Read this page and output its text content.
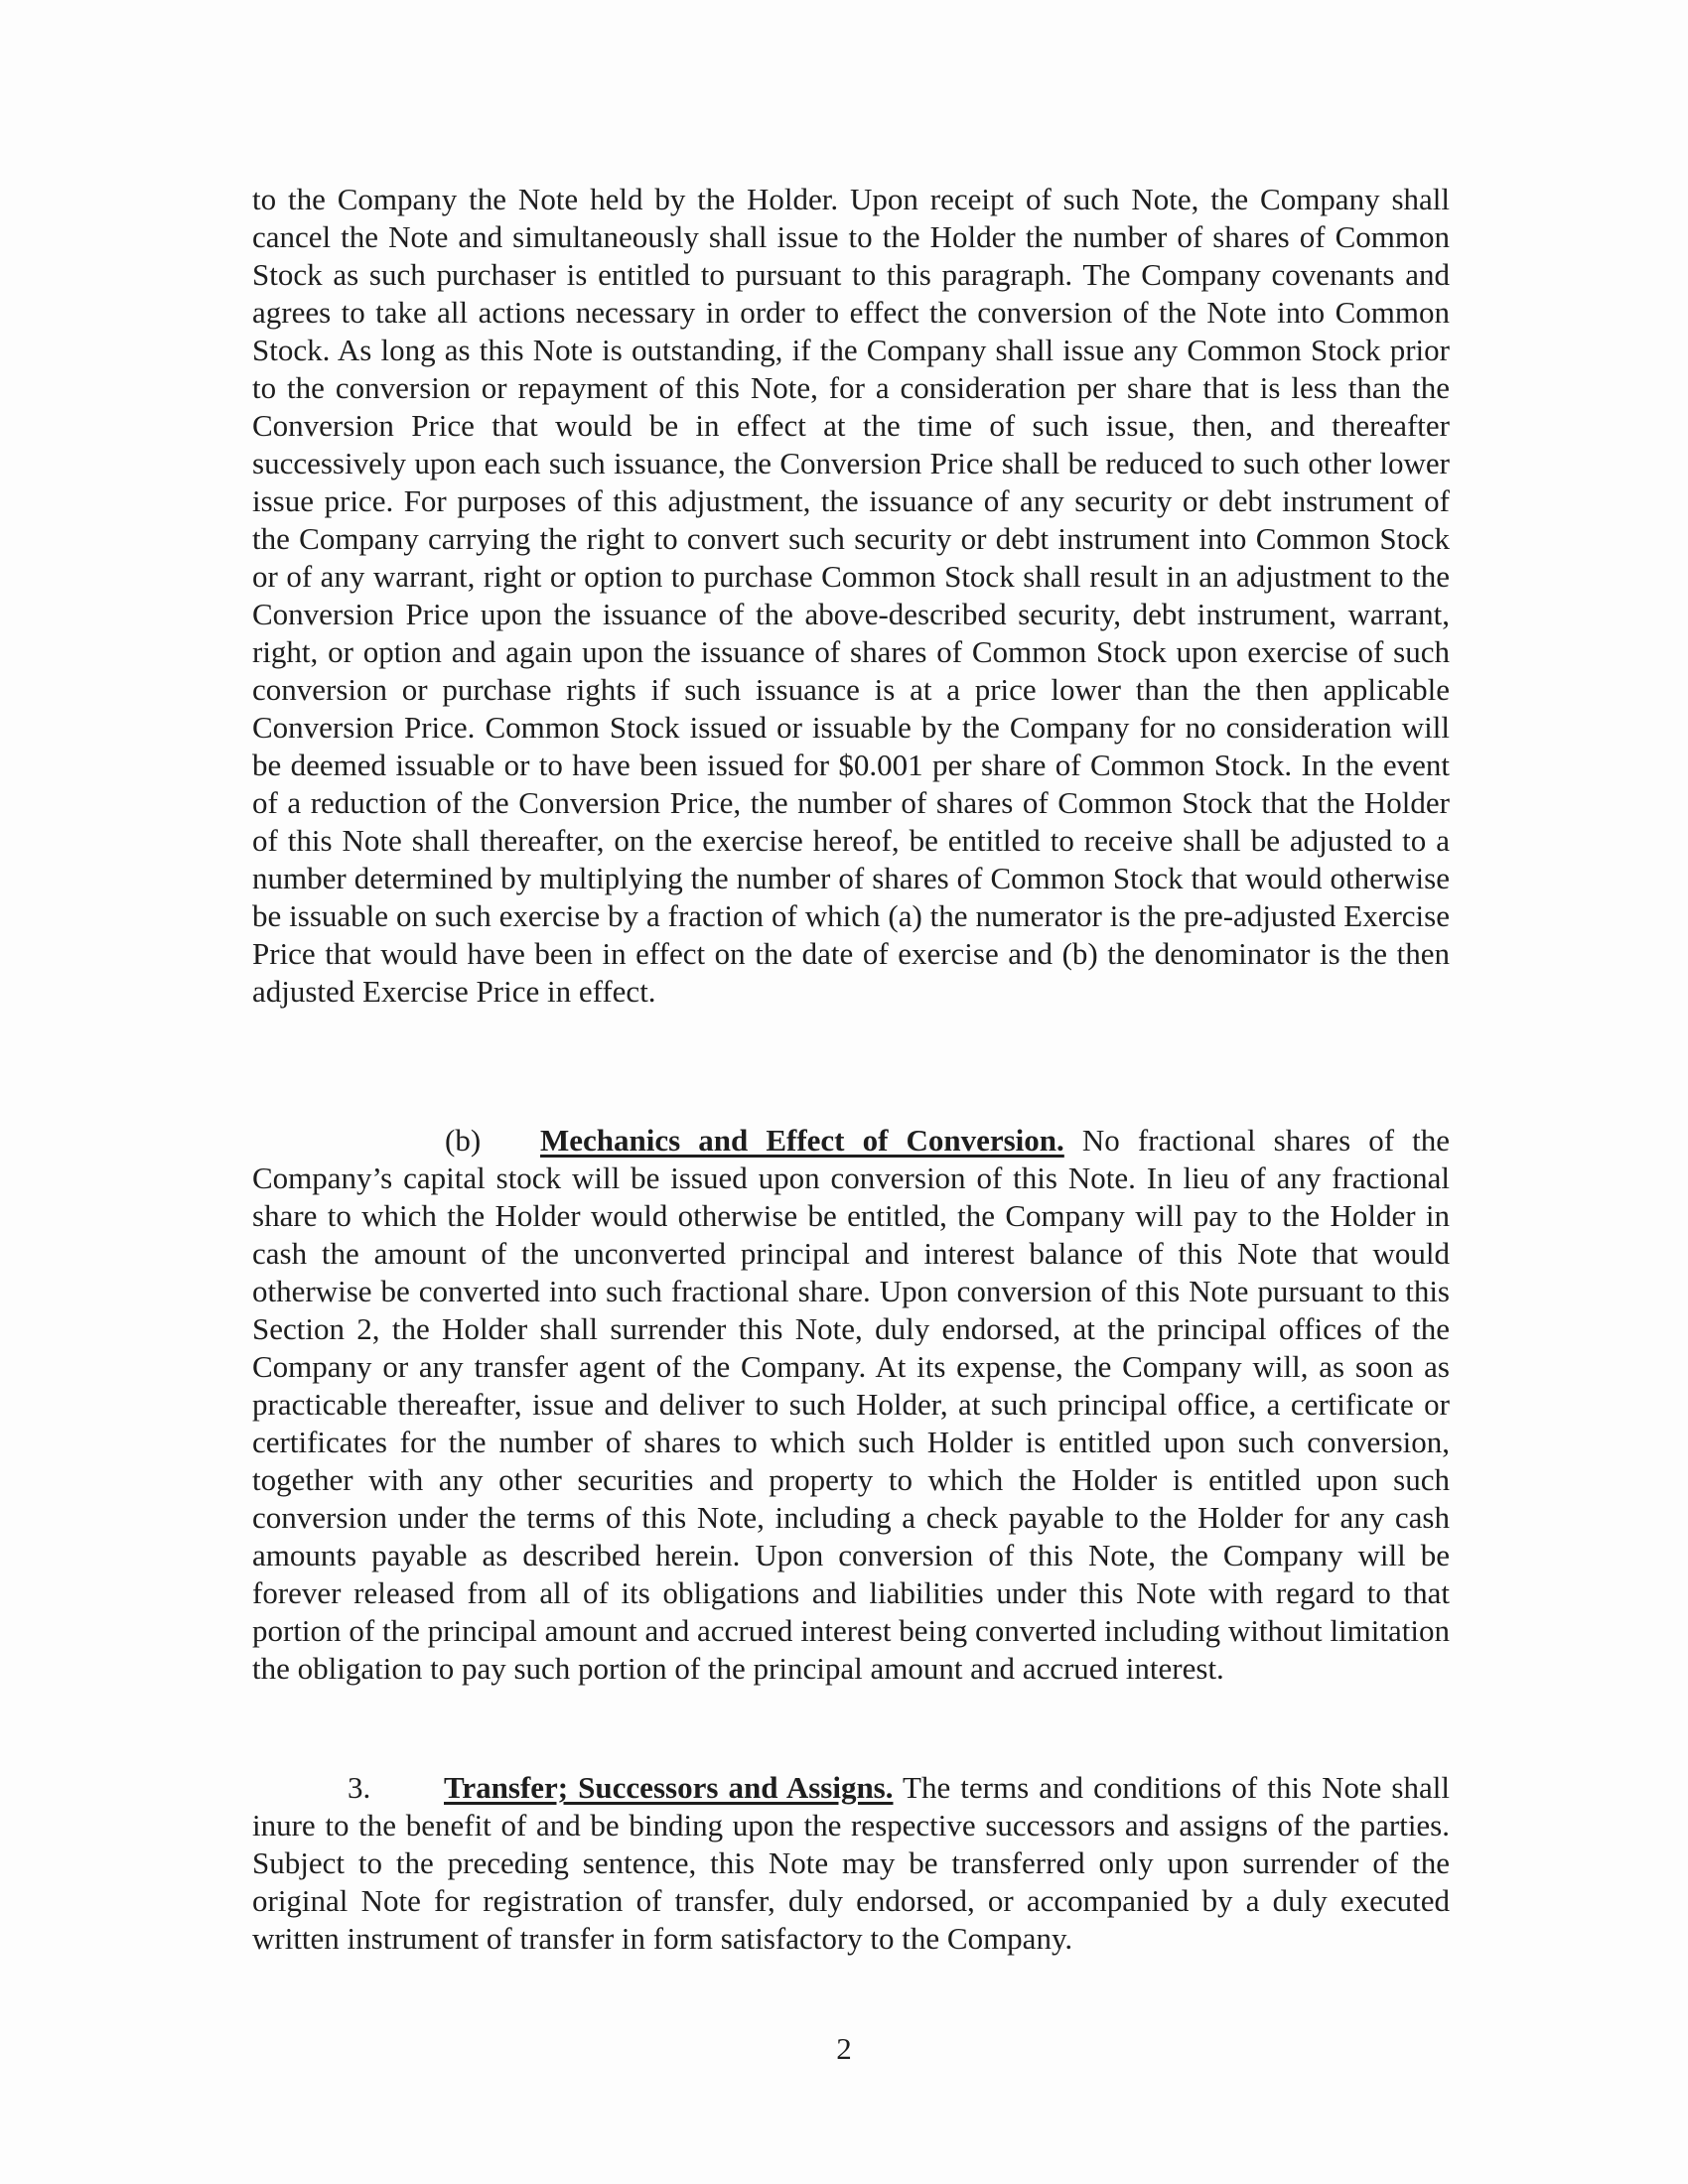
to the Company the Note held by the Holder. Upon receipt of such Note, the Company shall cancel the Note and simultaneously shall issue to the Holder the number of shares of Common Stock as such purchaser is entitled to pursuant to this paragraph. The Company covenants and agrees to take all actions necessary in order to effect the conversion of the Note into Common Stock. As long as this Note is outstanding, if the Company shall issue any Common Stock prior to the conversion or repayment of this Note, for a consideration per share that is less than the Conversion Price that would be in effect at the time of such issue, then, and thereafter successively upon each such issuance, the Conversion Price shall be reduced to such other lower issue price. For purposes of this adjustment, the issuance of any security or debt instrument of the Company carrying the right to convert such security or debt instrument into Common Stock or of any warrant, right or option to purchase Common Stock shall result in an adjustment to the Conversion Price upon the issuance of the above-described security, debt instrument, warrant, right, or option and again upon the issuance of shares of Common Stock upon exercise of such conversion or purchase rights if such issuance is at a price lower than the then applicable Conversion Price. Common Stock issued or issuable by the Company for no consideration will be deemed issuable or to have been issued for $0.001 per share of Common Stock. In the event of a reduction of the Conversion Price, the number of shares of Common Stock that the Holder of this Note shall thereafter, on the exercise hereof, be entitled to receive shall be adjusted to a number determined by multiplying the number of shares of Common Stock that would otherwise be issuable on such exercise by a fraction of which (a) the numerator is the pre-adjusted Exercise Price that would have been in effect on the date of exercise and (b) the denominator is the then adjusted Exercise Price in effect.

(b) Mechanics and Effect of Conversion. No fractional shares of the Company’s capital stock will be issued upon conversion of this Note. In lieu of any fractional share to which the Holder would otherwise be entitled, the Company will pay to the Holder in cash the amount of the unconverted principal and interest balance of this Note that would otherwise be converted into such fractional share. Upon conversion of this Note pursuant to this Section 2, the Holder shall surrender this Note, duly endorsed, at the principal offices of the Company or any transfer agent of the Company. At its expense, the Company will, as soon as practicable thereafter, issue and deliver to such Holder, at such principal office, a certificate or certificates for the number of shares to which such Holder is entitled upon such conversion, together with any other securities and property to which the Holder is entitled upon such conversion under the terms of this Note, including a check payable to the Holder for any cash amounts payable as described herein. Upon conversion of this Note, the Company will be forever released from all of its obligations and liabilities under this Note with regard to that portion of the principal amount and accrued interest being converted including without limitation the obligation to pay such portion of the principal amount and accrued interest.

3. Transfer; Successors and Assigns. The terms and conditions of this Note shall inure to the benefit of and be binding upon the respective successors and assigns of the parties. Subject to the preceding sentence, this Note may be transferred only upon surrender of the original Note for registration of transfer, duly endorsed, or accompanied by a duly executed written instrument of transfer in form satisfactory to the Company.

2
